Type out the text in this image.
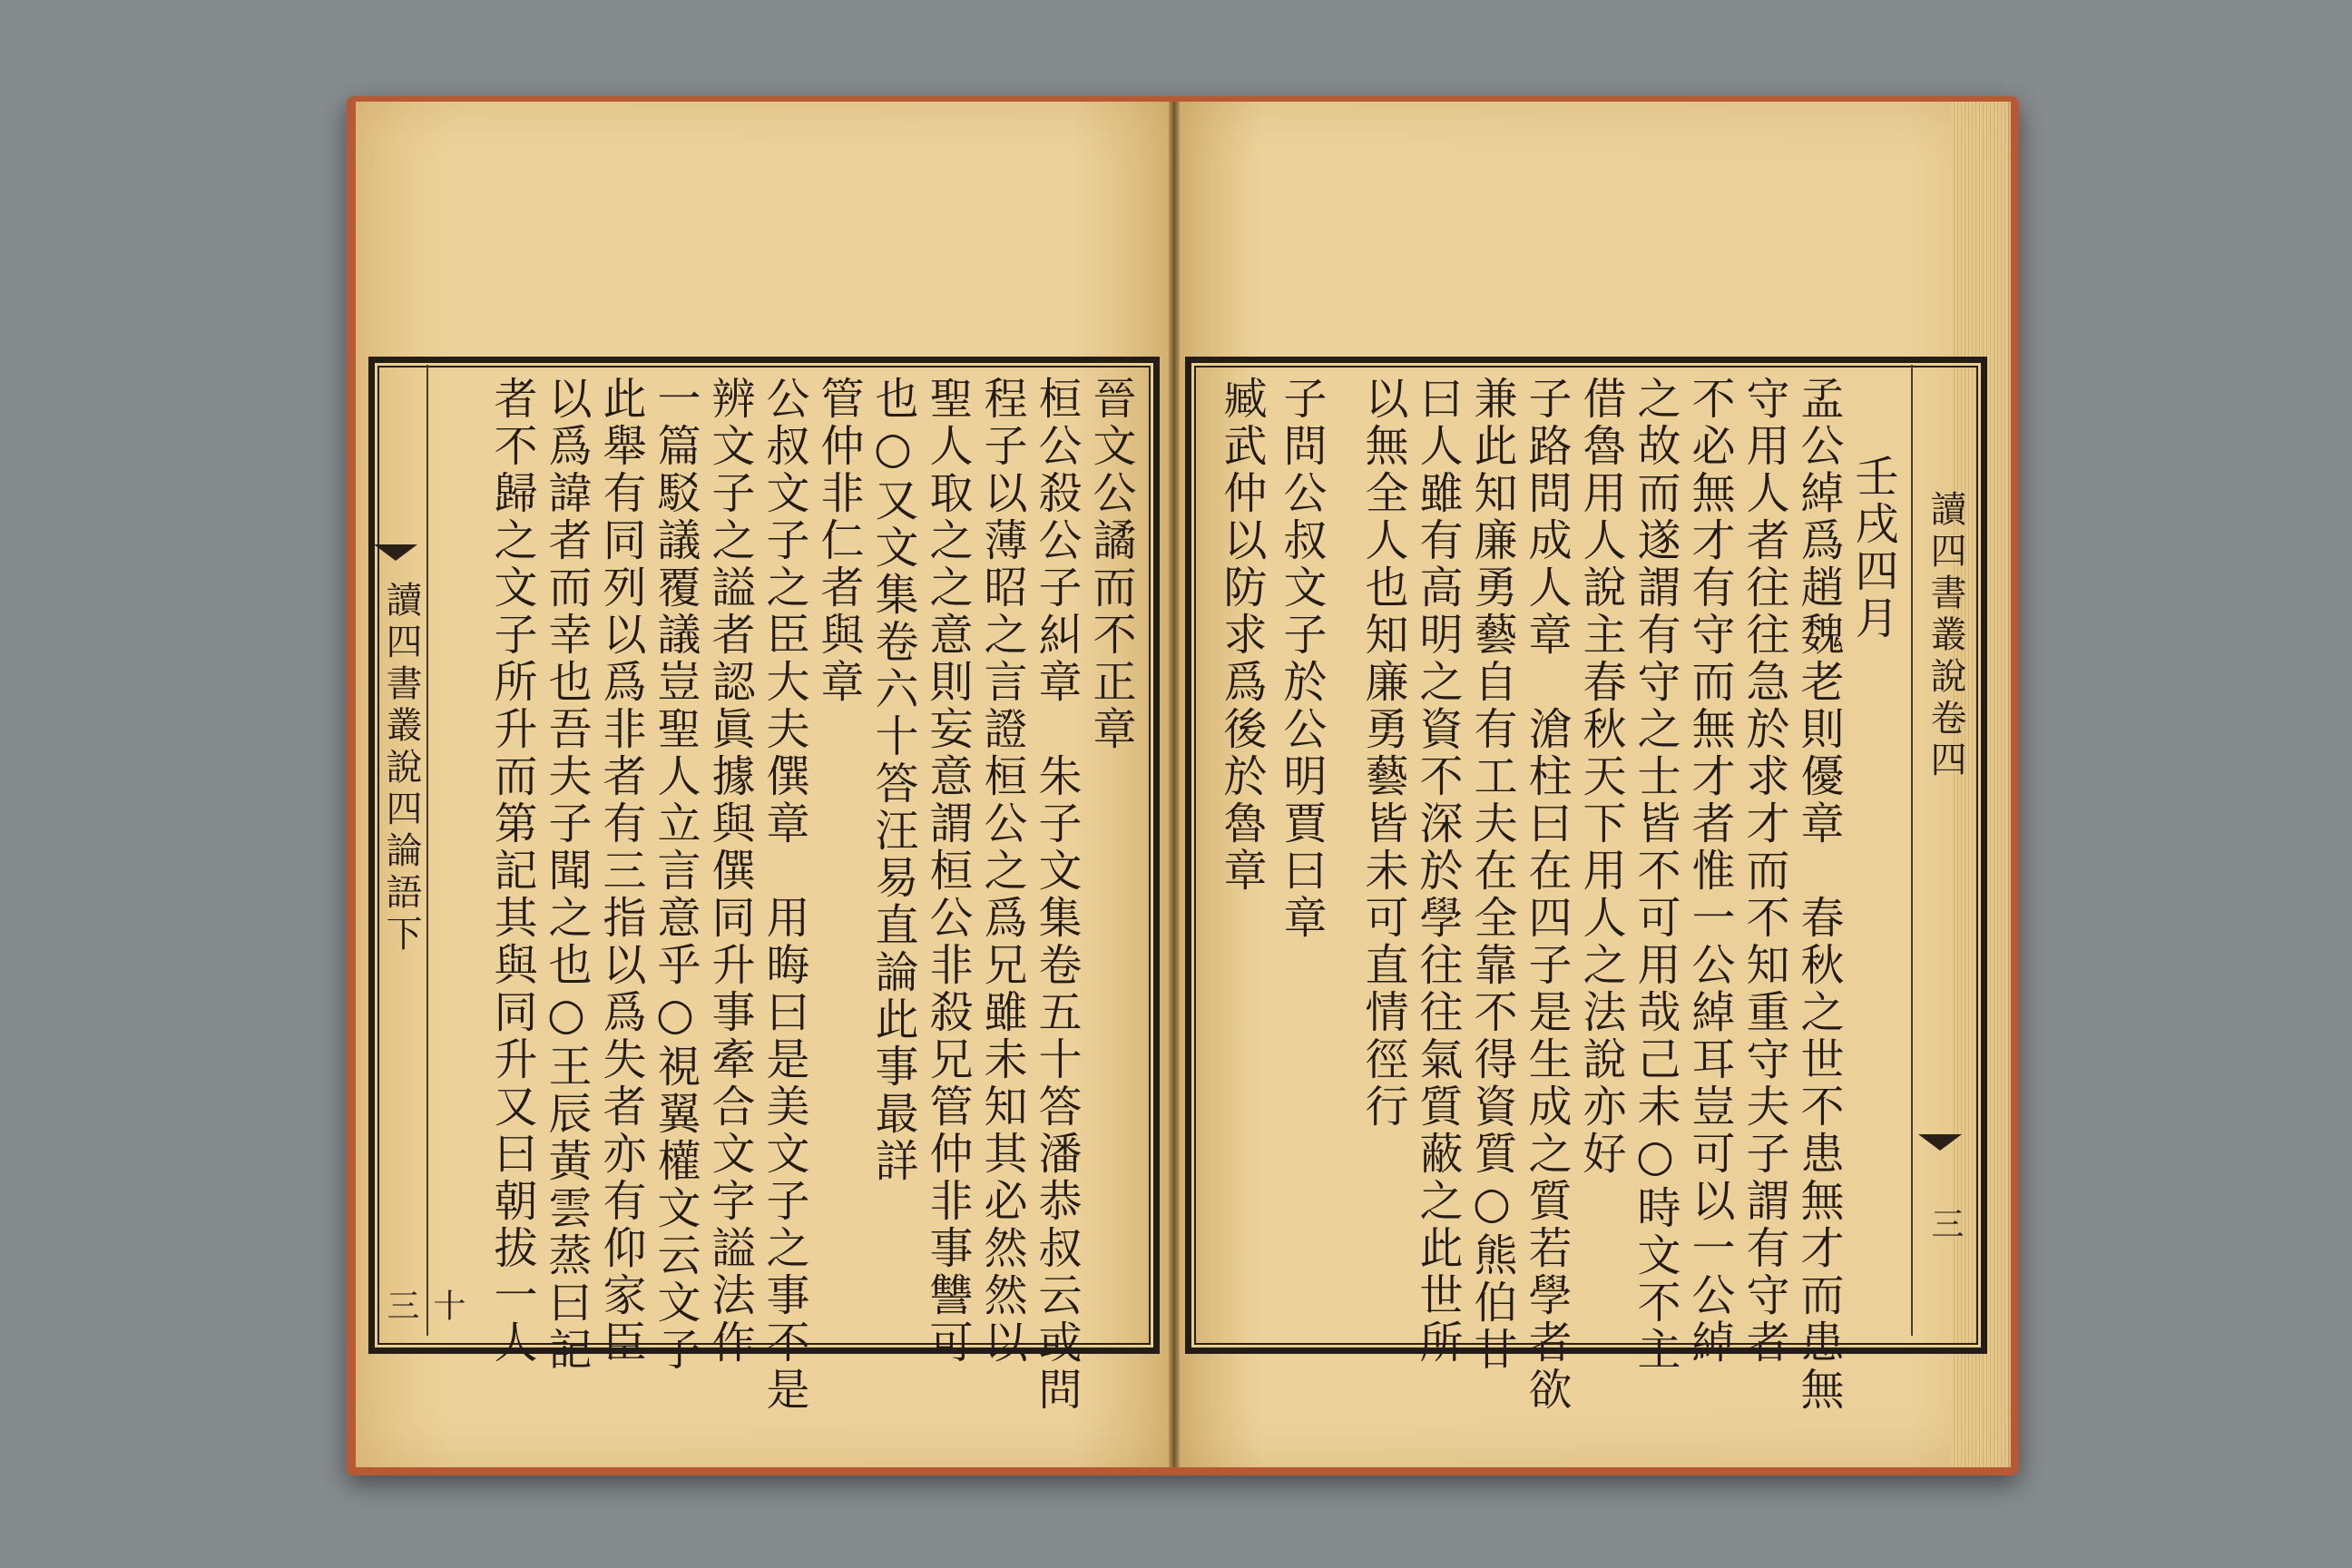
讀四書叢說四論語下
十三
晉文公譎而不正章
桓公殺公子糾章　朱子文集卷五十答潘恭叔云或問
程子以薄昭之言證桓公之爲兄雖未知其必然然以
聖人取之之意則妄意謂桓公非殺兄管仲非事讐可
也○又文集卷六十答汪易直論此事最詳
管仲非仁者與章
公叔文子之臣大夫僎章　用晦曰是美文子之事不是
辨文子之謚者認眞據與僎同升事牽合文字謚法作
一篇駁議覆議豈聖人立言意乎○視翼權文云文子
此舉有同列以爲非者有三指以爲失者亦有仰家臣
以爲諱者而幸也吾夫子聞之也○王辰黃雲蒸曰記
者不歸之文子所升而第記其與同升又曰朝拔一人	讀四書叢說卷四
三
壬戌四月
孟公綽爲趙魏老則優章　春秋之世不患無才而患無
守用人者往往急於求才而不知重守夫子謂有守者
不必無才有守而無才者惟一公綽耳豈可以一公綽
之故而遂謂有守之士皆不可用哉己未○時文不主
借魯用人說主春秋天下用人之法說亦好
子路問成人章　滄柱曰在四子是生成之質若學者欲
兼此知廉勇藝自有工夫在全靠不得資質○熊伯甘
曰人雖有高明之資不深於學往往氣質蔽之此世所
以無全人也知廉勇藝皆未可直情徑行
子問公叔文子於公明賈曰章
臧武仲以防求爲後於魯章
